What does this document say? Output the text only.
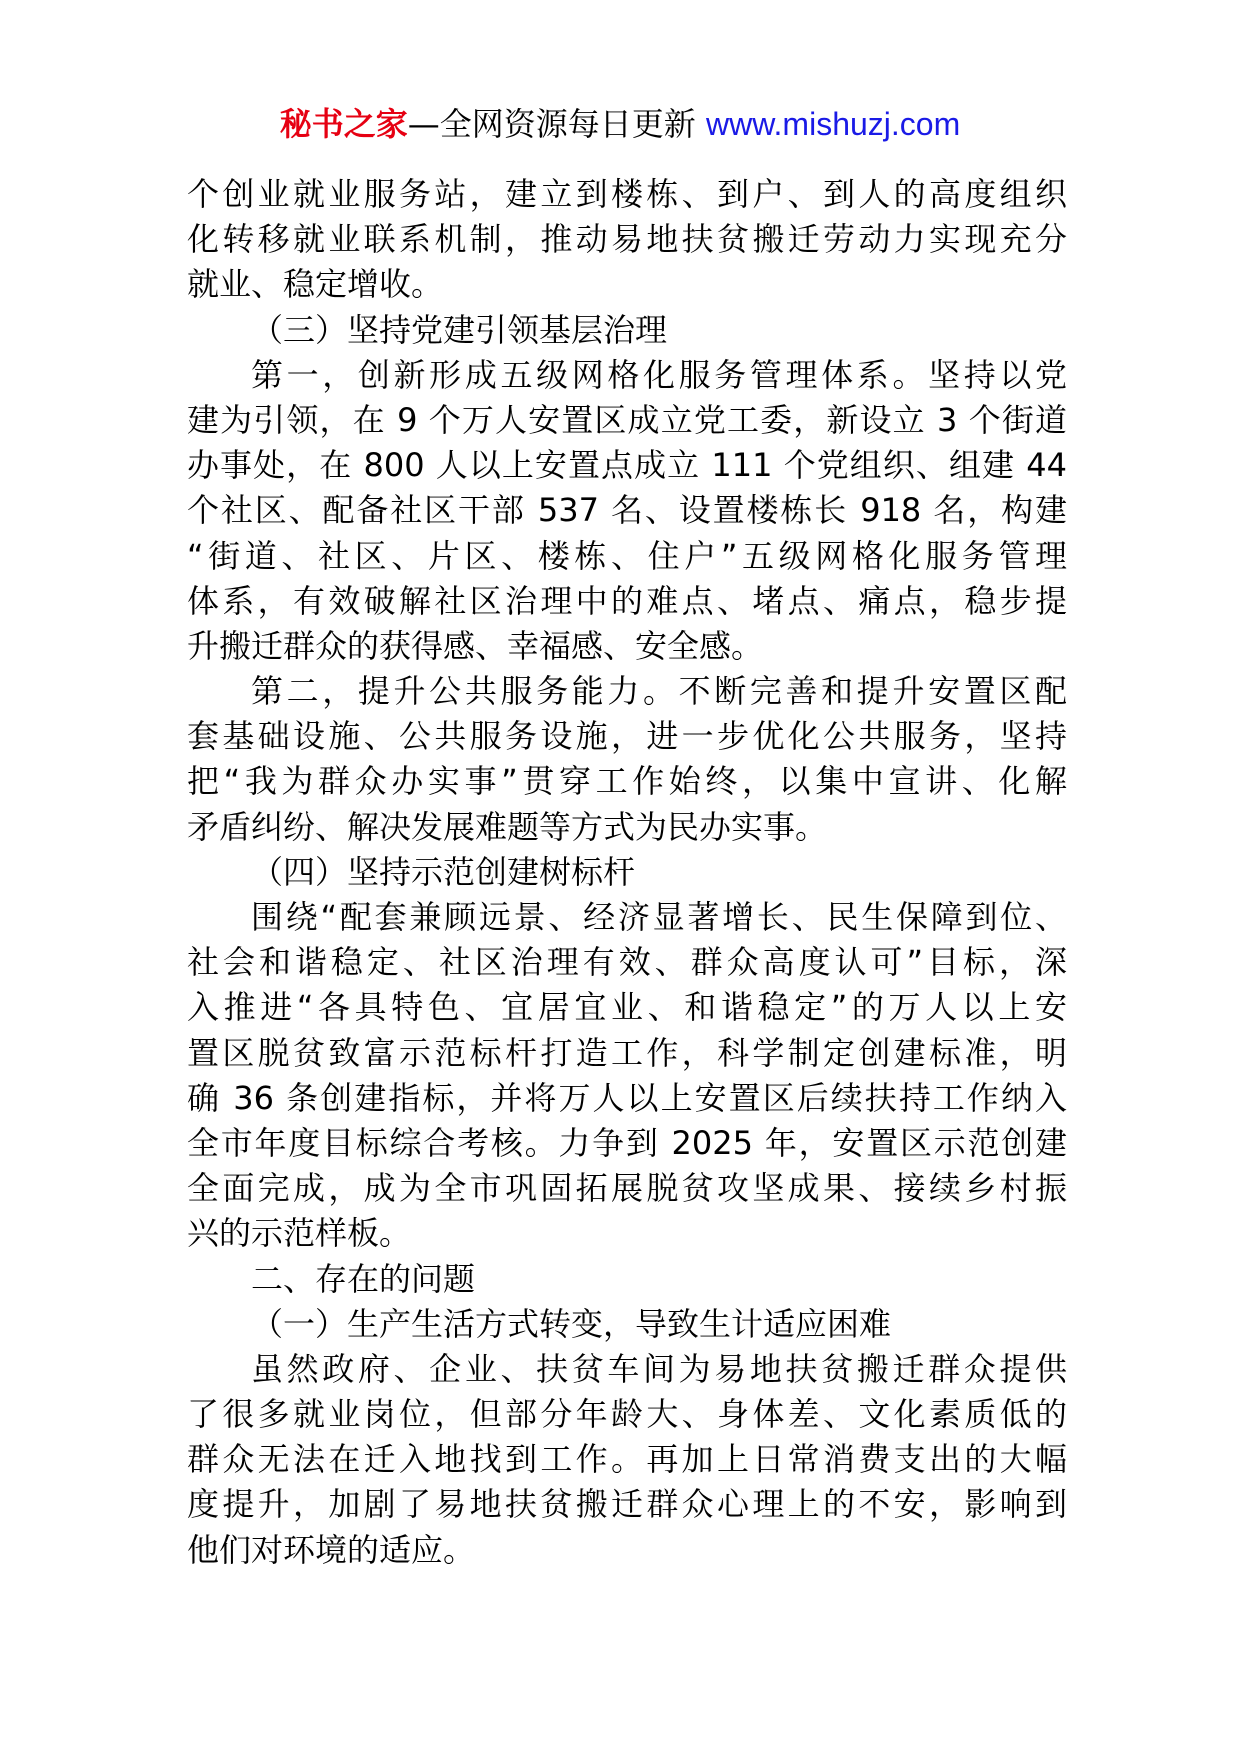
秘书之家—全网资源每日更新 www.mishuzj.com
个创业就业服务站，建立到楼栋、到户、到人的高度组织
化转移就业联系机制，推动易地扶贫搬迁劳动力实现充分
就业、稳定增收。
（三）坚持党建引领基层治理
第一，创新形成五级网格化服务管理体系。坚持以党
建为引领，在 9 个万人安置区成立党工委，新设立 3 个街道
办事处，在 800 人以上安置点成立 111 个党组织、组建 44
个社区、配备社区干部 537 名、设置楼栋长 918 名，构建
“街道、社区、片区、楼栋、住户”五级网格化服务管理
体系，有效破解社区治理中的难点、堵点、痛点，稳步提
升搬迁群众的获得感、幸福感、安全感。
第二，提升公共服务能力。不断完善和提升安置区配
套基础设施、公共服务设施，进一步优化公共服务，坚持
把“我为群众办实事”贯穿工作始终，以集中宣讲、化解
矛盾纠纷、解决发展难题等方式为民办实事。
（四）坚持示范创建树标杆
围绕“配套兼顾远景、经济显著增长、民生保障到位、
社会和谐稳定、社区治理有效、群众高度认可”目标，深
入推进“各具特色、宜居宜业、和谐稳定”的万人以上安
置区脱贫致富示范标杆打造工作，科学制定创建标准，明
确 36 条创建指标，并将万人以上安置区后续扶持工作纳入
全市年度目标综合考核。力争到 2025 年，安置区示范创建
全面完成，成为全市巩固拓展脱贫攻坚成果、接续乡村振
兴的示范样板。
二、存在的问题
（一）生产生活方式转变，导致生计适应困难
虽然政府、企业、扶贫车间为易地扶贫搬迁群众提供
了很多就业岗位，但部分年龄大、身体差、文化素质低的
群众无法在迁入地找到工作。再加上日常消费支出的大幅
度提升，加剧了易地扶贫搬迁群众心理上的不安，影响到
他们对环境的适应。
